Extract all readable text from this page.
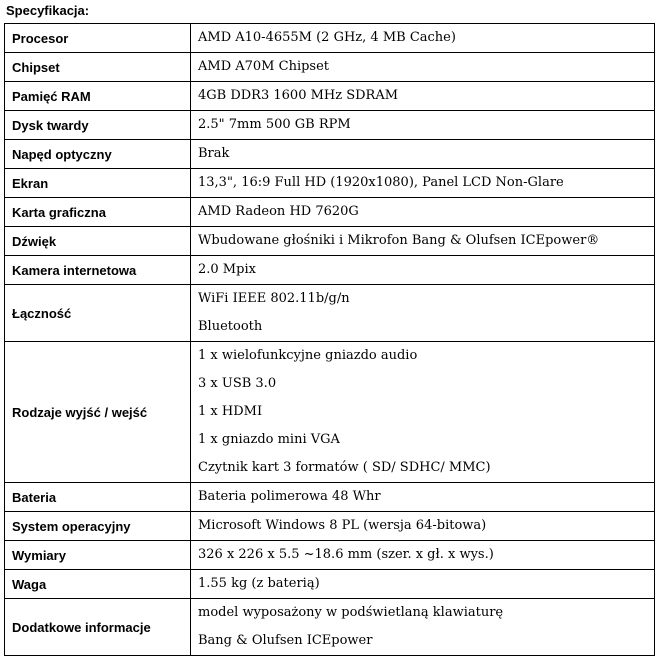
Specyfikacja:
Procesor	AMD A10-4655M (2 GHz, 4 MB Cache)

Chipset	AMD A70M Chipset

Pamięć RAM	4GB DDR3 1600 MHz SDRAM

Dysk twardy	2.5" 7mm 500 GB RPM

Napęd optyczny	Brak

Ekran	13,3", 16:9 Full HD (1920x1080), Panel LCD Non-Glare

Karta graficzna	AMD Radeon HD 7620G

Dźwięk	Wbudowane głośniki i Mikrofon Bang & Olufsen ICEpower®

Kamera internetowa	2.0 Mpix

Łączność	WiFi IEEE 802.11b/g/n
Bluetooth

Rodzaje wyjść / wejść	1 x wielofunkcyjne gniazdo audio
3 x USB 3.0
1 x HDMI
1 x gniazdo mini VGA
Czytnik kart 3 formatów ( SD/ SDHC/ MMC)

Bateria	Bateria polimerowa 48 Whr

System operacyjny	Microsoft Windows 8 PL (wersja 64-bitowa)

Wymiary	326 x 226 x 5.5 ~18.6 mm (szer. x gł. x wys.)

Waga	1.55 kg (z baterią)

Dodatkowe informacje	model wyposażony w podświetlaną klawiaturę
Bang & Olufsen ICEpower
